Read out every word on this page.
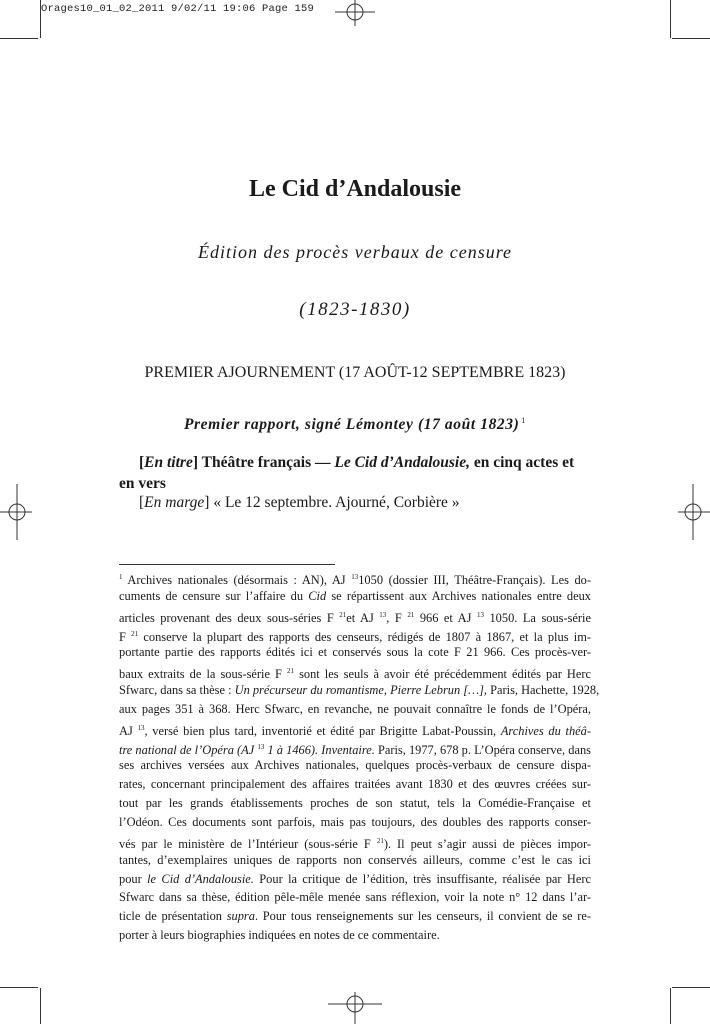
Orages10_01_02_2011 9/02/11 19:06 Page 159
Le Cid d’Andalousie
Édition des procès verbaux de censure
(1823-1830)
PREMIER AJOURNEMENT (17 AOÛT-12 SEPTEMBRE 1823)
Premier rapport, signé Lémontey (17 août 1823) $^1$
[En titre] Théâtre français — Le Cid d’Andalousie, en cinq actes et en vers
[En marge] « Le 12 septembre. Ajourné, Corbière »
$^1$ Archives nationales (désormais : AN), AJ $^{13}$1050 (dossier III, Théâtre-Français). Les do-
cuments de censure sur l’affaire du Cid se répartissent aux Archives nationales entre deux
articles provenant des deux sous-séries F $^{21}$et AJ $^{13}$, F $^{21}$ 966 et AJ $^{13}$ 1050. La sous-série
F $^{21}$ conserve la plupart des rapports des censeurs, rédigés de 1807 à 1867, et la plus im-
portante partie des rapports édités ici et conservés sous la cote F 21 966. Ces procès-ver-
baux extraits de la sous-série F $^{21}$ sont les seuls à avoir été précédemment édités par Herc
Sfwarc, dans sa thèse : Un précurseur du romantisme, Pierre Lebrun […], Paris, Hachette, 1928,
aux pages 351 à 368. Herc Sfwarc, en revanche, ne pouvait connaître le fonds de l’Opéra,
AJ $^{13}$, versé bien plus tard, inventorié et édité par Brigitte Labat-Poussin, Archives du théâ-
tre national de l’Opéra (AJ $^{13}$ 1 à 1466). Inventaire. Paris, 1977, 678 p. L’Opéra conserve, dans
ses archives versées aux Archives nationales, quelques procès-verbaux de censure dispa-
rates, concernant principalement des affaires traitées avant 1830 et des œuvres créées sur-
tout par les grands établissements proches de son statut, tels la Comédie-Française et
l’Odéon. Ces documents sont parfois, mais pas toujours, des doubles des rapports conser-
vés par le ministère de l’Intérieur (sous-série F $^{21}$). Il peut s’agir aussi de pièces impor-
tantes, d’exemplaires uniques de rapports non conservés ailleurs, comme c’est le cas ici
pour le Cid d’Andalousie. Pour la critique de l’édition, très insuffisante, réalisée par Herc
Sfwarc dans sa thèse, édition pêle-mêle menée sans réflexion, voir la note n° 12 dans l’ar-
ticle de présentation supra. Pour tous renseignements sur les censeurs, il convient de se re-
porter à leurs biographies indiquées en notes de ce commentaire.
